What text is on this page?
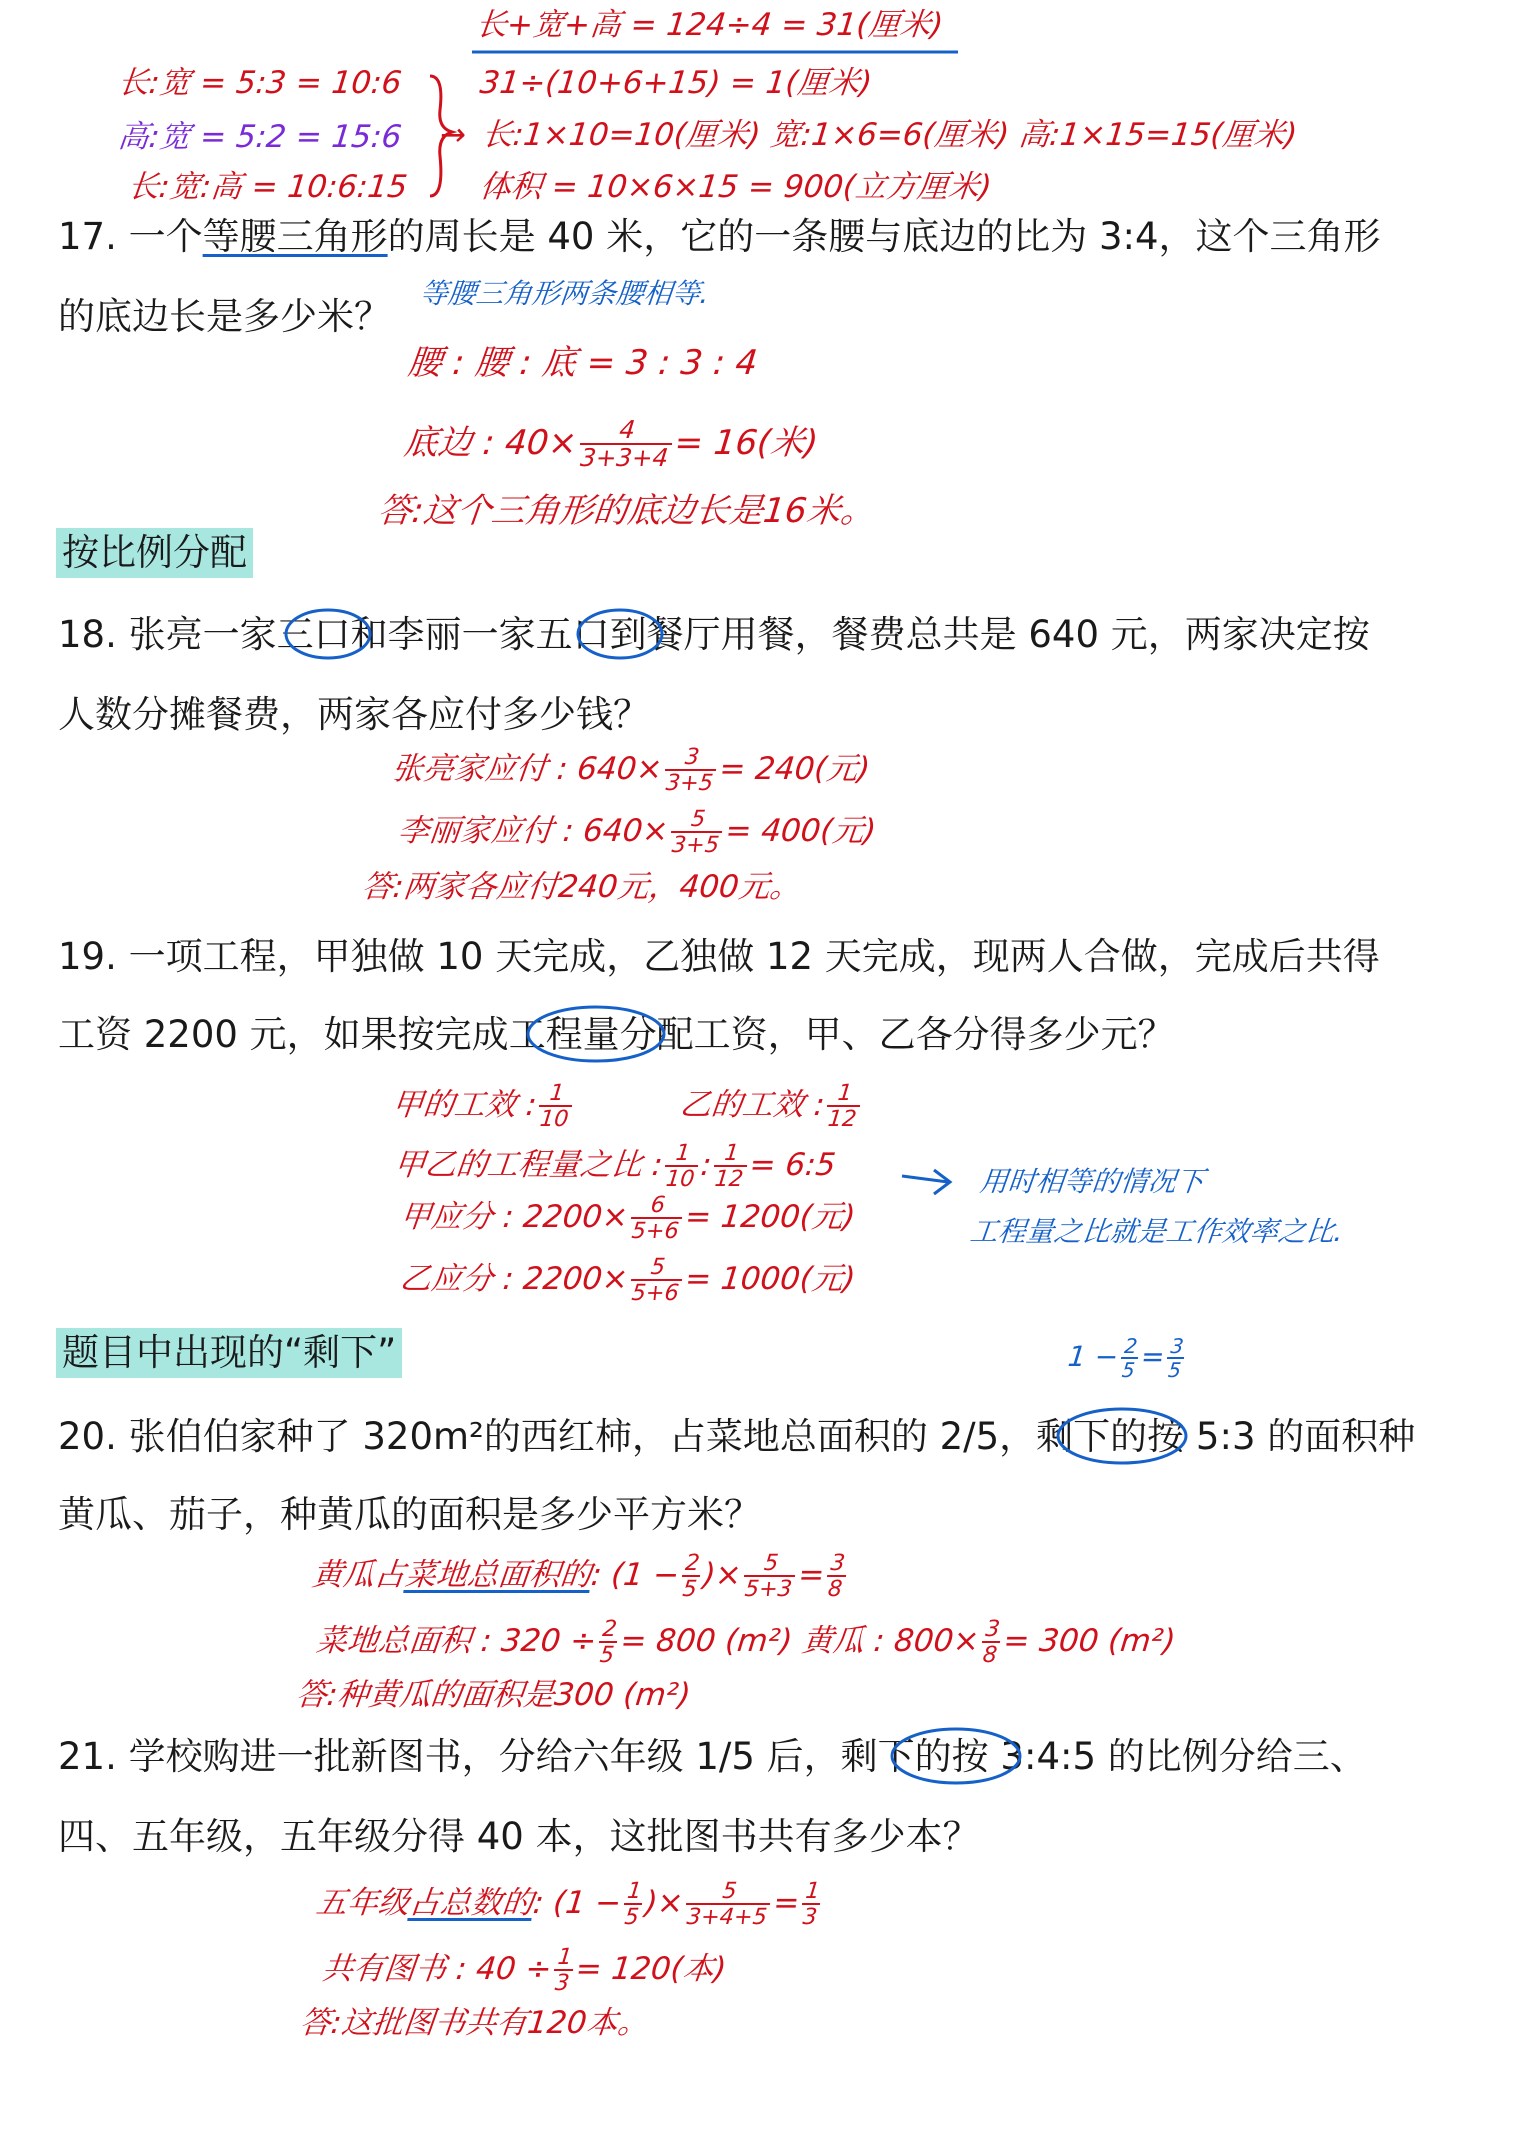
长+宽+高 = 124÷4 = 31(厘米)
长:宽 = 5:3 = 10:6
高:宽 = 5:2 = 15:6
长:宽:高 = 10:6:15
31÷(10+6+15) = 1(厘米)
→ 长:1×10=10(厘米) 宽:1×6=6(厘米) 高:1×15=15(厘米)
体积 = 10×6×15 = 900(立方厘米)
17. 一个等腰三角形的周长是 40 米，它的一条腰与底边的比为 3:4，这个三角形
的底边长是多少米？
等腰三角形两条腰相等.
腰 : 腰 : 底 = 3 : 3 : 4
底边 : 40×
$\frac{4}{3+3+4}$
= 16(米)
答:这个三角形的底边长是16米。
按比例分配
18. 张亮一家三口和李丽一家五口到餐厅用餐，餐费总共是 640 元，两家决定按
人数分摊餐费，两家各应付多少钱？
张亮家应付 : 640×
$\frac{3}{3+5}$
= 240(元)
李丽家应付 : 640×
$\frac{5}{3+5}$
= 400(元)
答:两家各应付240元，400元。
19. 一项工程，甲独做 10 天完成，乙独做 12 天完成，现两人合做，完成后共得
工资 2200 元，如果按完成工程量分配工资，甲、乙各分得多少元？
甲的工效 :
$\frac{1}{10}$	乙的工效 :
$\frac{1}{12}$
甲乙的工程量之比 :
$\frac{1}{10}$
:
$\frac{1}{12}$
= 6:5	用时相等的情况下
工程量之比就是工作效率之比.
甲应分 : 2200×
$\frac{6}{5+6}$
= 1200(元)
乙应分 : 2200×
$\frac{5}{5+6}$
= 1000(元)
题目中出现的“剩下”	1 −
$\frac{2}{5}$ =
$\frac{3}{5}$
20. 张伯伯家种了 320m²的西红柿，占菜地总面积的 2/5，剩下的按 5:3 的面积种
黄瓜、茄子，种黄瓜的面积是多少平方米？
黄瓜占菜地总面积的: (1 −
$\frac{2}{5}$
)×
$\frac{5}{5+3}$
=
$\frac{3}{8}$
菜地总面积 : 320 ÷
$\frac{2}{5}$
= 800 (m²) 黄瓜 : 800×
$\frac{3}{8}$
= 300 (m²)
答:种黄瓜的面积是300 (m²)
21. 学校购进一批新图书，分给六年级 1/5 后，剩下的按 3:4:5 的比例分给三、
四、五年级，五年级分得 40 本，这批图书共有多少本？
五年级占总数的: (1 −
$\frac{1}{5}$
)×
$\frac{5}{3+4+5}$
=
$\frac{1}{3}$
共有图书 : 40 ÷
$\frac{1}{3}$
= 120(本)
答:这批图书共有120本。
